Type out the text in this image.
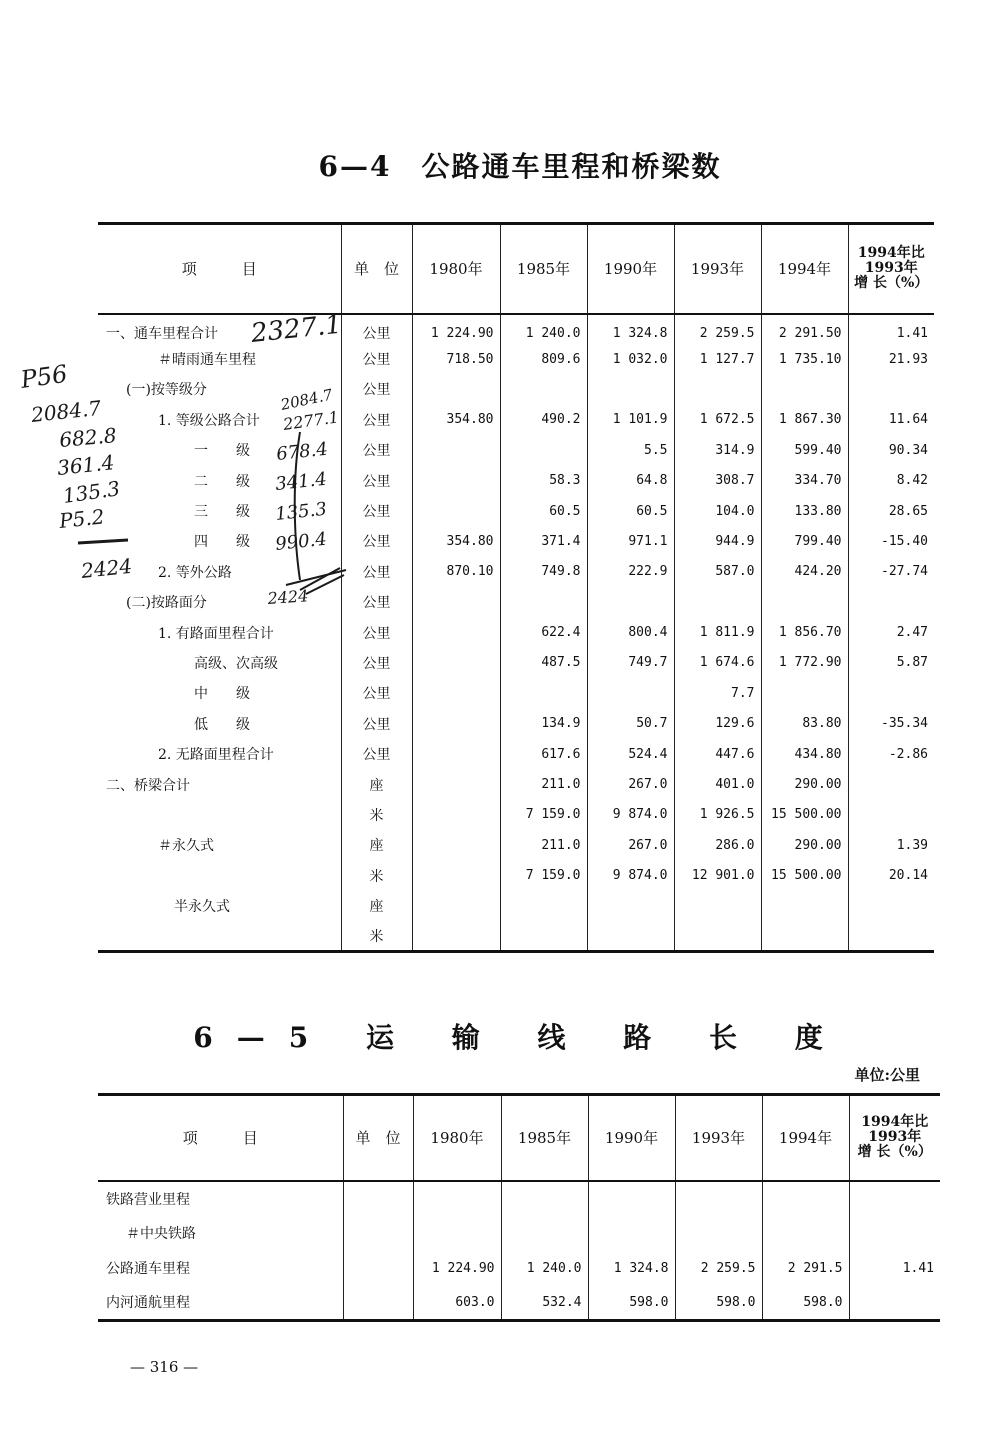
6—4　公路通车里程和桥梁数
项　　　目	单　位	1980年	1985年	1990年	1993年	1994年	1994年比
1993年
增 长（%）
一、通车里程合计	公里	1 224.90	1 240.0	1 324.8	2 259.5	2 291.50	1.41
＃晴雨通车里程	公里	718.50	809.6	1 032.0	1 127.7	1 735.10	21.93
(一)按等级分	公里						
1. 等级公路合计	公里	354.80	490.2	1 101.9	1 672.5	1 867.30	11.64
一　　级	公里			5.5	314.9	599.40	90.34
二　　级	公里		58.3	64.8	308.7	334.70	8.42
三　　级	公里		60.5	60.5	104.0	133.80	28.65
四　　级	公里	354.80	371.4	971.1	944.9	799.40	-15.40
2. 等外公路	公里	870.10	749.8	222.9	587.0	424.20	-27.74
(二)按路面分	公里						
1. 有路面里程合计	公里		622.4	800.4	1 811.9	1 856.70	2.47
高级、次高级	公里		487.5	749.7	1 674.6	1 772.90	5.87
中　　级	公里				7.7		
低　　级	公里		134.9	50.7	129.6	83.80	-35.34
2. 无路面里程合计	公里		617.6	524.4	447.6	434.80	-2.86
二、桥梁合计	座		211.0	267.0	401.0	290.00	
	米		7 159.0	9 874.0	1 926.5	15 500.00	
＃永久式	座		211.0	267.0	286.0	290.00	1.39
	米		7 159.0	9 874.0	12 901.0	15 500.00	20.14
半永久式	座						
	米						
6—5 运 输 线 路 长 度
单位:公里
项　　　目	单　位	1980年	1985年	1990年	1993年	1994年	1994年比
1993年
增 长（%）
铁路营业里程							
＃中央铁路							
公路通车里程		1 224.90	1 240.0	1 324.8	2 259.5	2 291.5	1.41
内河通航里程		603.0	532.4	598.0	598.0	598.0	
— 316 —
2327.1
P56
2084.7
682.8
361.4
135.3
P5.2
2424
2084.7
2277.1
678.4
341.4
135.3
990.4
2424
